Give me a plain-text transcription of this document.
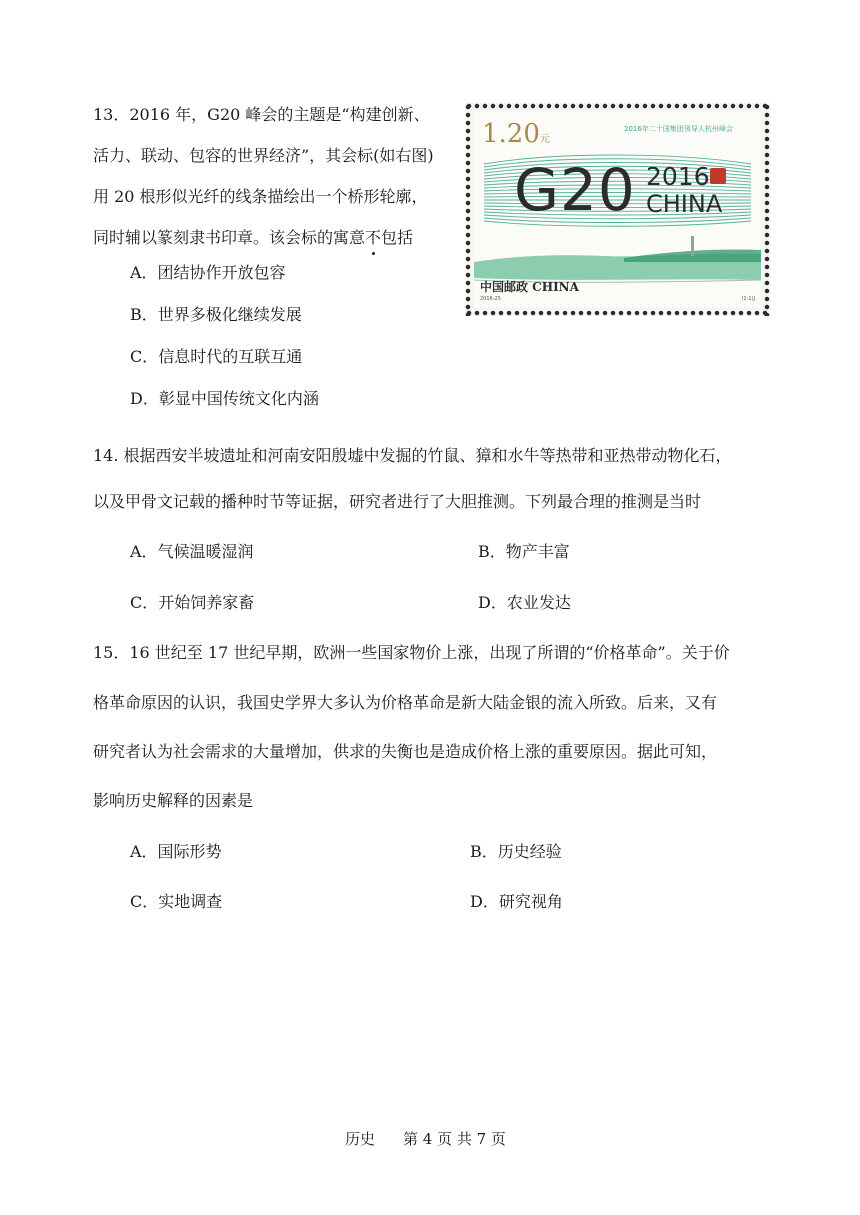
13．2016 年，G20 峰会的主题是“构建创新、
活力、联动、包容的世界经济”，其会标(如右图)
用 20 根形似光纤的线条描绘出一个桥形轮廓，
同时辅以篆刻隶书印章。该会标的寓意不包括
A．团结协作开放包容
B．世界多极化继续发展
C．信息时代的互联互通
D．彰显中国传统文化内涵
1.20元
2016年二十国集团领导人杭州峰会
G20 2016
CHINA
中国邮政 CHINA
2016-25	(1-1)J
14. 根据西安半坡遗址和河南安阳殷墟中发掘的竹鼠、獐和水牛等热带和亚热带动物化石，
以及甲骨文记载的播种时节等证据，研究者进行了大胆推测。下列最合理的推测是当时
A．气候温暖湿润	B．物产丰富
C．开始饲养家畜	D．农业发达
15．16 世纪至 17 世纪早期，欧洲一些国家物价上涨，出现了所谓的“价格革命”。关于价
格革命原因的认识，我国史学界大多认为价格革命是新大陆金银的流入所致。后来，又有
研究者认为社会需求的大量增加，供求的失衡也是造成价格上涨的重要原因。据此可知，
影响历史解释的因素是
A．国际形势	B．历史经验
C．实地调查	D．研究视角
历史 第 4 页 共 7 页
